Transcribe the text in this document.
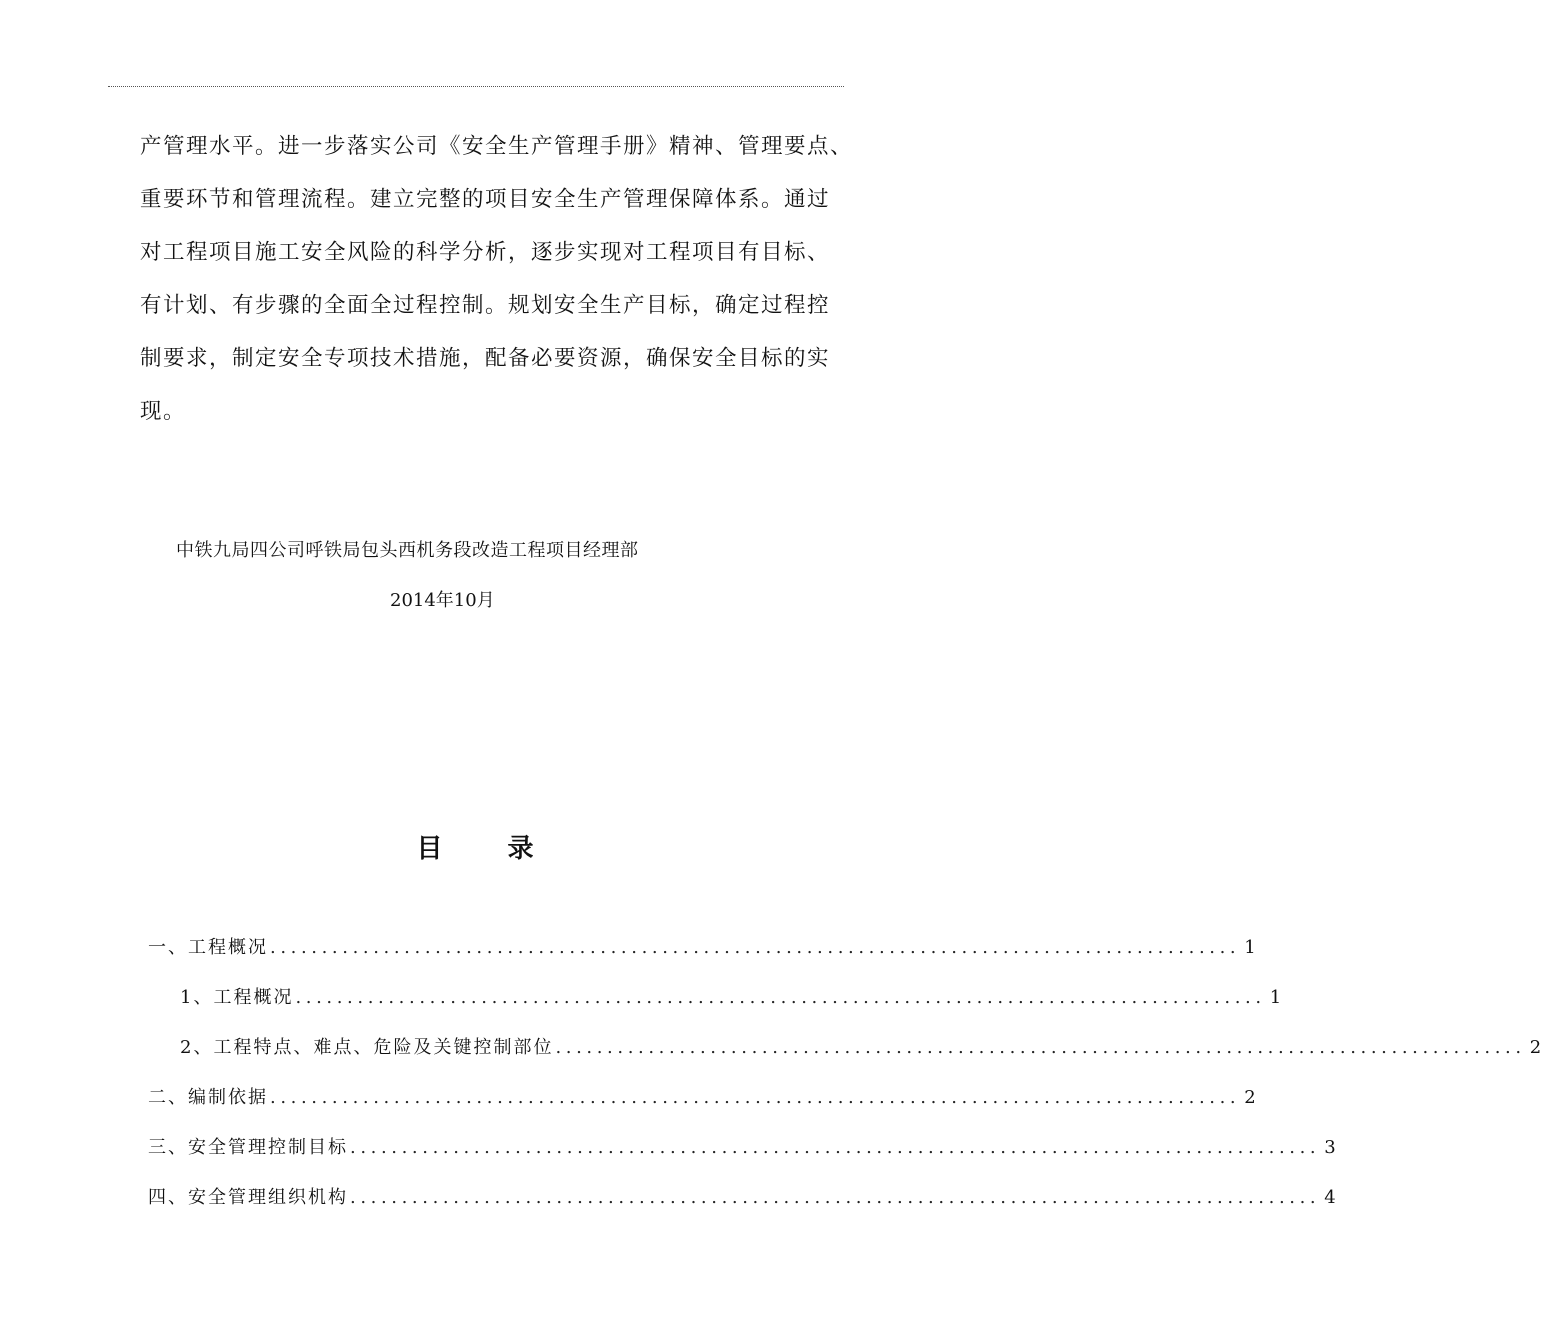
产管理水平。进一步落实公司《安全生产管理手册》精神、管理要点、
重要环节和管理流程。建立完整的项目安全生产管理保障体系。通过
对工程项目施工安全风险的科学分析，逐步实现对工程项目有目标、
有计划、有步骤的全面全过程控制。规划安全生产目标，确定过程控
制要求，制定安全专项技术措施，配备必要资源，确保安全目标的实
现。

中铁九局四公司呼铁局包头西机务段改造工程项目经理部
2014年10月
目 录
一、工程概况 .............................................................................................. 1
1、工程概况 .............................................................................................. 1
2、工程特点、难点、危险及关键控制部位 .............................................................................................. 2
二、编制依据 .............................................................................................. 2
三、安全管理控制目标 .............................................................................................. 3
四、安全管理组织机构 .............................................................................................. 4
